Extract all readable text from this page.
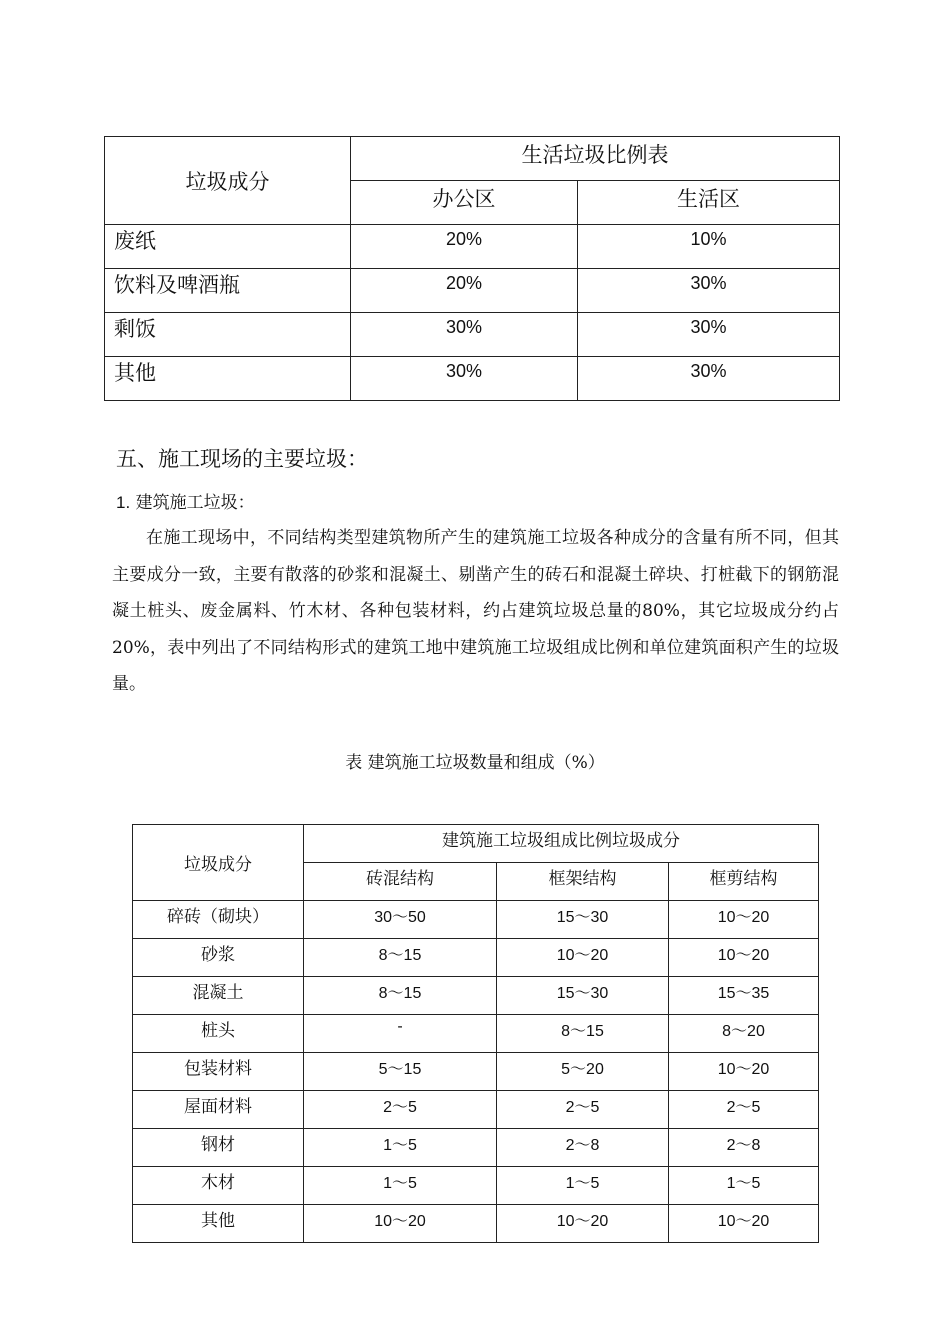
垃圾成分	生活垃圾比例表	
	办公区	生活区
废纸	20%	10%
饮料及啤酒瓶	20%	30%
剩饭	30%	30%
其他	30%	30%
五、施工现场的主要垃圾：
1. 建筑施工垃圾：

在施工现场中，不同结构类型建筑物所产生的建筑施工垃圾各种成分的含量有所不同，但其主要成分一致，主要有散落的砂浆和混凝土、剔凿产生的砖石和混凝土碎块、打桩截下的钢筋混凝土桩头、废金属料、竹木材、各种包装材料，约占建筑垃圾总量的80%，其它垃圾成分约占 20%，表中列出了不同结构形式的建筑工地中建筑施工垃圾组成比例和单位建筑面积产生的垃圾量。

表 建筑施工垃圾数量和组成（%）
垃圾成分	建筑施工垃圾组成比例垃圾成分		
	砖混结构	框架结构	框剪结构
碎砖（砌块）	30～50	15～30	10～20
砂浆	8～15	10～20	10～20
混凝土	8～15	15～30	15～35
桩头	-	8～15	8～20
包装材料	5～15	5～20	10～20
屋面材料	2～5	2～5	2～5
钢材	1～5	2～8	2～8
木材	1～5	1～5	1～5
其他	10～20	10～20	10～20
